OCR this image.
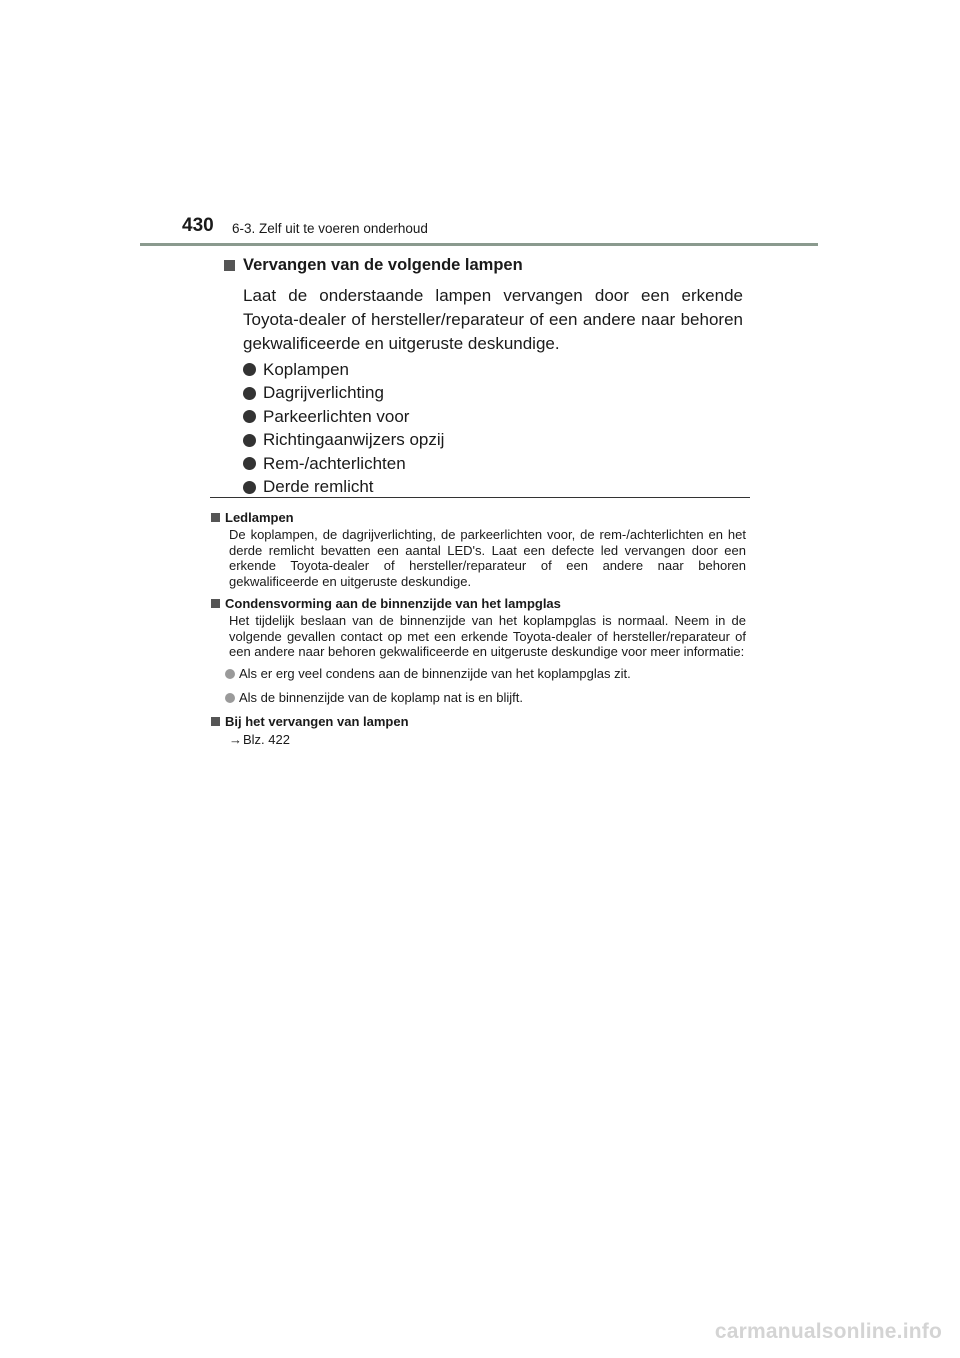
430 6-3. Zelf uit te voeren onderhoud
Vervangen van de volgende lampen
Laat de onderstaande lampen vervangen door een erkende Toyota-dealer of hersteller/reparateur of een andere naar behoren gekwalificeerde en uitgeruste deskundige.
Koplampen
Dagrijverlichting
Parkeerlichten voor
Richtingaanwijzers opzij
Rem-/achterlichten
Derde remlicht
Ledlampen
De koplampen, de dagrijverlichting, de parkeerlichten voor, de rem-/achterlichten en het derde remlicht bevatten een aantal LED's. Laat een defecte led vervangen door een erkende Toyota-dealer of hersteller/reparateur of een andere naar behoren gekwalificeerde en uitgeruste deskundige.
Condensvorming aan de binnenzijde van het lampglas
Het tijdelijk beslaan van de binnenzijde van het koplampglas is normaal. Neem in de volgende gevallen contact op met een erkende Toyota-dealer of hersteller/reparateur of een andere naar behoren gekwalificeerde en uitgeruste deskundige voor meer informatie:
Als er erg veel condens aan de binnenzijde van het koplampglas zit.
Als de binnenzijde van de koplamp nat is en blijft.
Bij het vervangen van lampen
→ Blz. 422
carmanualsonline.info
